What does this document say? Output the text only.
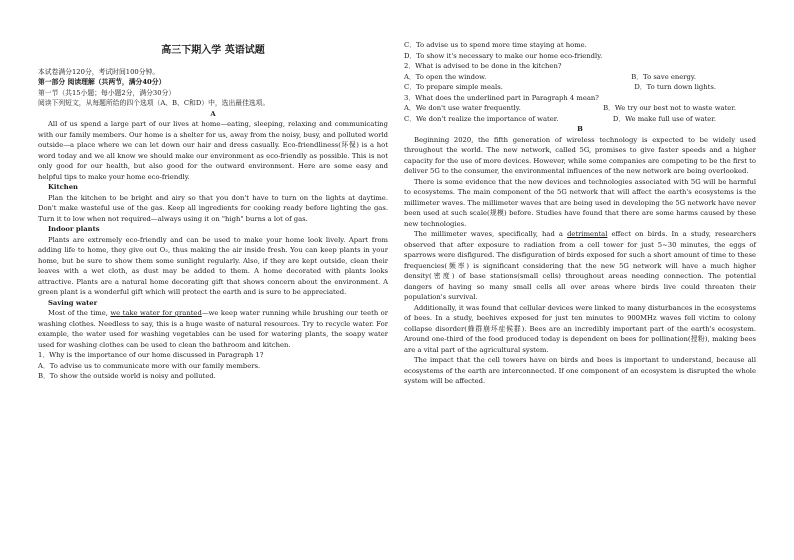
高三下期入学 英语试题
本试卷满分120分，考试时间100分钟。
第一部分 阅读理解（共两节，满分40分）
第一节（共15小题；每小题2分，满分30分）
阅读下列短文，从每题所给的四个选项（A、B、C和D）中，选出最佳选项。
A

All of us spend a large part of our lives at home—eating, sleeping, relaxing and communicating with our family members. Our home is a shelter for us, away from the noisy, busy, and polluted world outside—a place where we can let down our hair and dress casually. Eco-friendliness(环保) is a hot word today and we all know we should make our environment as eco-friendly as possible. This is not only good for our health, but also good for the outward environment. Here are some easy and helpful tips to make your home eco-friendly.

Kitchen

Plan the kitchen to be bright and airy so that you don't have to turn on the lights at daytime. Don't make wasteful use of the gas. Keep all ingredients for cooking ready before lighting the gas. Turn it to low when not required—always using it on "high" burns a lot of gas.

Indoor plants

Plants are extremely eco-friendly and can be used to make your home look lively. Apart from adding life to home, they give out O₂, thus making the air inside fresh. You can keep plants in your home, but be sure to show them some sunlight regularly. Also, if they are kept outside, clean their leaves with a wet cloth, as dust may be added to them. A home decorated with plants looks attractive. Plants are a natural home decorating gift that shows concern about the environment. A green plant is a wonderful gift which will protect the earth and is sure to be appreciated.

Saving water

Most of the time, we take water for granted—we keep water running while brushing our teeth or washing clothes. Needless to say, this is a huge waste of natural resources. Try to recycle water. For example, the water used for washing vegetables can be used for watering plants, the soapy water used for washing clothes can be used to clean the bathroom and kitchen.

1．Why is the importance of our home discussed in Paragraph 1?
A．To advise us to communicate more with our family members.
B．To show the outside world is noisy and polluted.
C．To advise us to spend more time staying at home.
D．To show it's necessary to make our home eco-friendly.
2．What is advised to be done in the kitchen?
A．To open the window.	B．To save energy.
C．To prepare simple meals.	D．To turn down lights.
3．What does the underlined part in Paragraph 4 mean?
A．We don't use water frequently.	B．We try our best not to waste water.
C．We don't realize the importance of water.	D．We make full use of water.
B

Beginning 2020, the fifth generation of wireless technology is expected to be widely used throughout the world. The new network, called 5G, promises to give faster speeds and a higher capacity for the use of more devices. However, while some companies are competing to be the first to deliver 5G to the consumer, the environmental influences of the new network are being overlooked.

There is some evidence that the new devices and technologies associated with 5G will be harmful to ecosystems. The main component of the 5G network that will affect the earth's ecosystems is the millimeter waves. The millimeter waves that are being used in developing the 5G network have never been used at such scale(规模) before. Studies have found that there are some harms caused by these new technologies.

The millimeter waves, specifically, had a detrimental effect on birds. In a study, researchers observed that after exposure to radiation from a cell tower for just 5~30 minutes, the eggs of sparrows were disfigured. The disfiguration of birds exposed for such a short amount of time to these frequencies(频率) is significant considering that the new 5G network will have a much higher density(密度) of base stations(small cells) throughout areas needing connection. The potential dangers of having so many small cells all over areas where birds live could threaten their population's survival.

Additionally, it was found that cellular devices were linked to many disturbances in the ecosystems of bees. In a study, beehives exposed for just ten minutes to 900MHz waves fell victim to colony collapse disorder(蜂群崩坏症候群). Bees are an incredibly important part of the earth's ecosystem. Around one-third of the food produced today is dependent on bees for pollination(授粉), making bees are a vital part of the agricultural system.

The impact that the cell towers have on birds and bees is important to understand, because all ecosystems of the earth are interconnected. If one component of an ecosystem is disrupted the whole system will be affected.
